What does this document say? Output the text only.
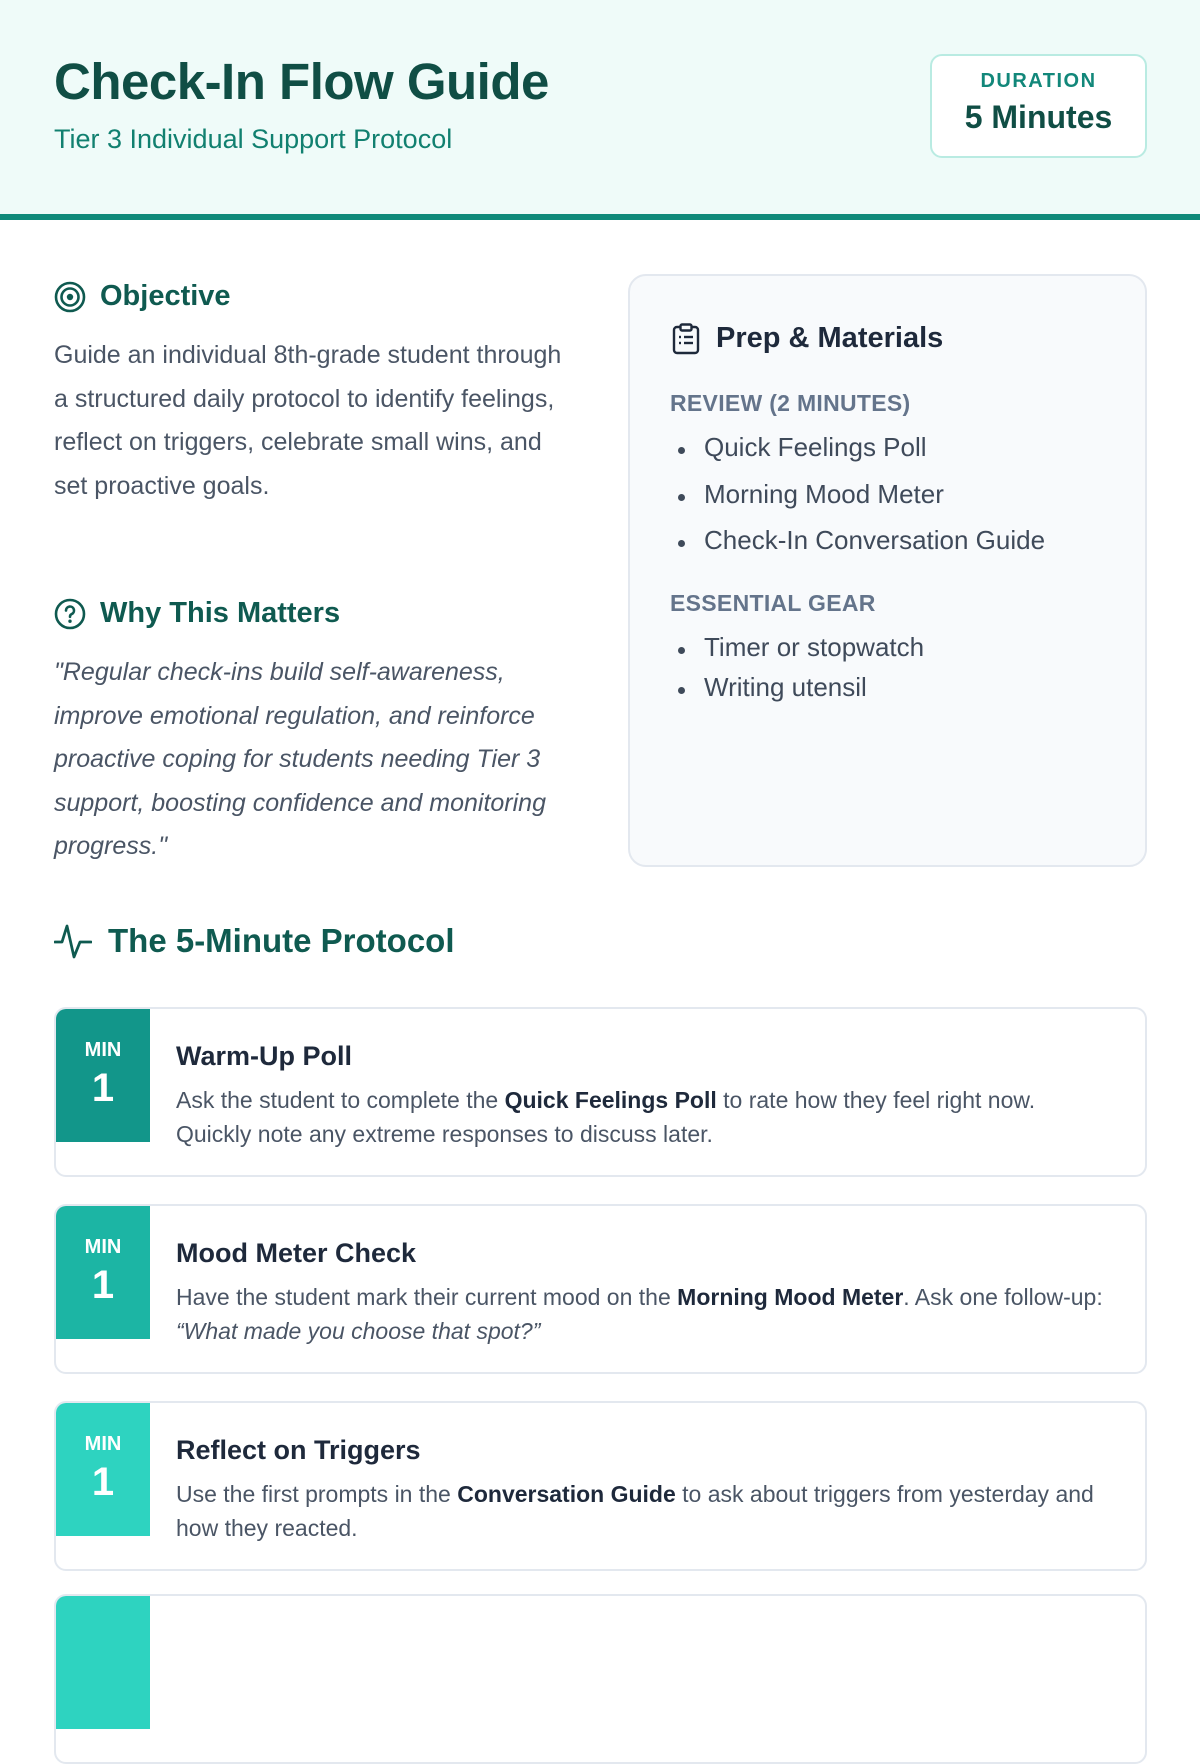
Check-In Flow Guide
Tier 3 Individual Support Protocol
DURATION
5 Minutes
Objective
Guide an individual 8th-grade student through a structured daily protocol to identify feelings, reflect on triggers, celebrate small wins, and set proactive goals.
Why This Matters
"Regular check-ins build self-awareness, improve emotional regulation, and reinforce proactive coping for students needing Tier 3 support, boosting confidence and monitoring progress."
Prep & Materials
REVIEW (2 MINUTES)
Quick Feelings Poll
Morning Mood Meter
Check-In Conversation Guide
ESSENTIAL GEAR
Timer or stopwatch
Writing utensil
The 5-Minute Protocol
MIN
1
Warm-Up Poll
Ask the student to complete the Quick Feelings Poll to rate how they feel right now. Quickly note any extreme responses to discuss later.
MIN
1
Mood Meter Check
Have the student mark their current mood on the Morning Mood Meter. Ask one follow-up: “What made you choose that spot?”
MIN
1
Reflect on Triggers
Use the first prompts in the Conversation Guide to ask about triggers from yesterday and how they reacted.
